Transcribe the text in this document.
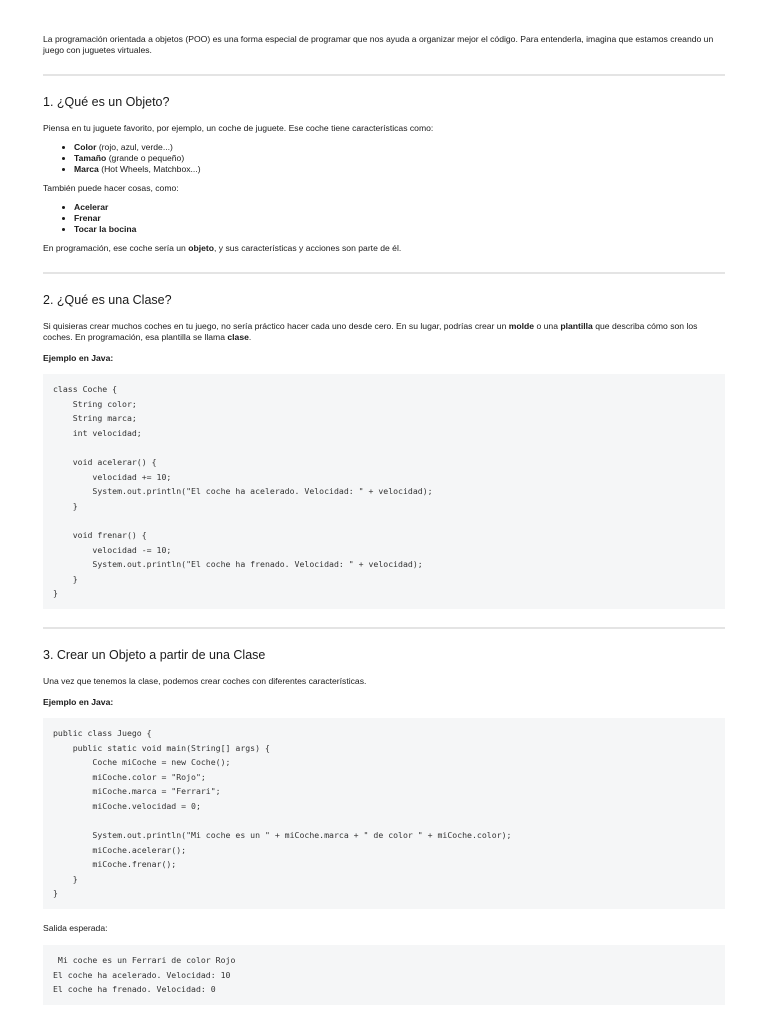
La programación orientada a objetos (POO) es una forma especial de programar que nos ayuda a organizar mejor el código. Para entenderla, imagina que estamos creando un juego con juguetes virtuales.

1. ¿Qué es un Objeto?

Piensa en tu juguete favorito, por ejemplo, un coche de juguete. Ese coche tiene características como:

• Color (rojo, azul, verde...)
• Tamaño (grande o pequeño)
• Marca (Hot Wheels, Matchbox...)

También puede hacer cosas, como:

• Acelerar
• Frenar
• Tocar la bocina

En programación, ese coche sería un objeto, y sus características y acciones son parte de él.

2. ¿Qué es una Clase?

Si quisieras crear muchos coches en tu juego, no sería práctico hacer cada uno desde cero. En su lugar, podrías crear un molde o una plantilla que describa cómo son los coches. En programación, esa plantilla se llama clase.

Ejemplo en Java:

class Coche {
String color;
String marca;
int velocidad;

void acelerar() {
velocidad += 10;
System.out.println("El coche ha acelerado. Velocidad: " + velocidad);
}

void frenar() {
velocidad -= 10;
System.out.println("El coche ha frenado. Velocidad: " + velocidad);
}
}
3. Crear un Objeto a partir de una Clase

Una vez que tenemos la clase, podemos crear coches con diferentes características.

Ejemplo en Java:

public class Juego {
public static void main(String[] args) {
Coche miCoche = new Coche();
miCoche.color = "Rojo";
miCoche.marca = "Ferrari";
miCoche.velocidad = 0;

System.out.println("Mi coche es un " + miCoche.marca + " de color " + miCoche.color);
miCoche.acelerar();
miCoche.frenar();
}
}

Salida esperada:

Mi coche es un Ferrari de color Rojo
El coche ha acelerado. Velocidad: 10
El coche ha frenado. Velocidad: 0
